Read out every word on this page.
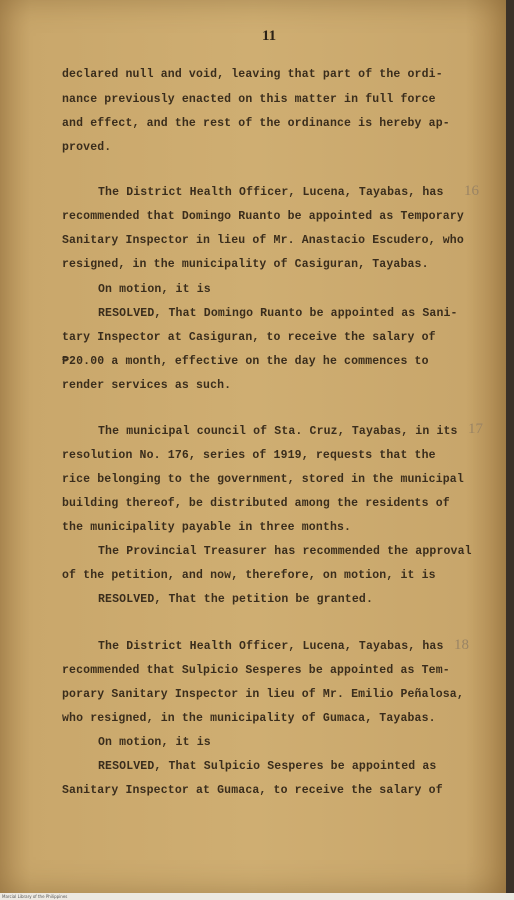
11
declared null and void, leaving that part of the ordi-
nance previously enacted on this matter in full force
and effect, and the rest of the ordinance is hereby ap-
proved.
The District Health Officer, Lucena, Tayabas, has 16
recommended that Domingo Ruanto be appointed as Temporary
Sanitary Inspector in lieu of Mr. Anastacio Escudero, who
resigned, in the municipality of Casiguran, Tayabas.
On motion, it is
RESOLVED, That Domingo Ruanto be appointed as Sani-
tary Inspector at Casiguran, to receive the salary of
₱20.00 a month, effective on the day he commences to
render services as such.
The municipal council of Sta. Cruz, Tayabas, in its 17
resolution No. 176, series of 1919, requests that the
rice belonging to the government, stored in the municipal
building thereof, be distributed among the residents of
the municipality payable in three months.
The Provincial Treasurer has recommended the approval
of the petition, and now, therefore, on motion, it is
RESOLVED, That the petition be granted.
The District Health Officer, Lucena, Tayabas, has 18
recommended that Sulpicio Sesperes be appointed as Tem-
porary Sanitary Inspector in lieu of Mr. Emilio Peñalosa,
who resigned, in the municipality of Gumaca, Tayabas.
On motion, it is
RESOLVED, That Sulpicio Sesperes be appointed as
Sanitary Inspector at Gumaca, to receive the salary of
Marcial Library of the Philippines
